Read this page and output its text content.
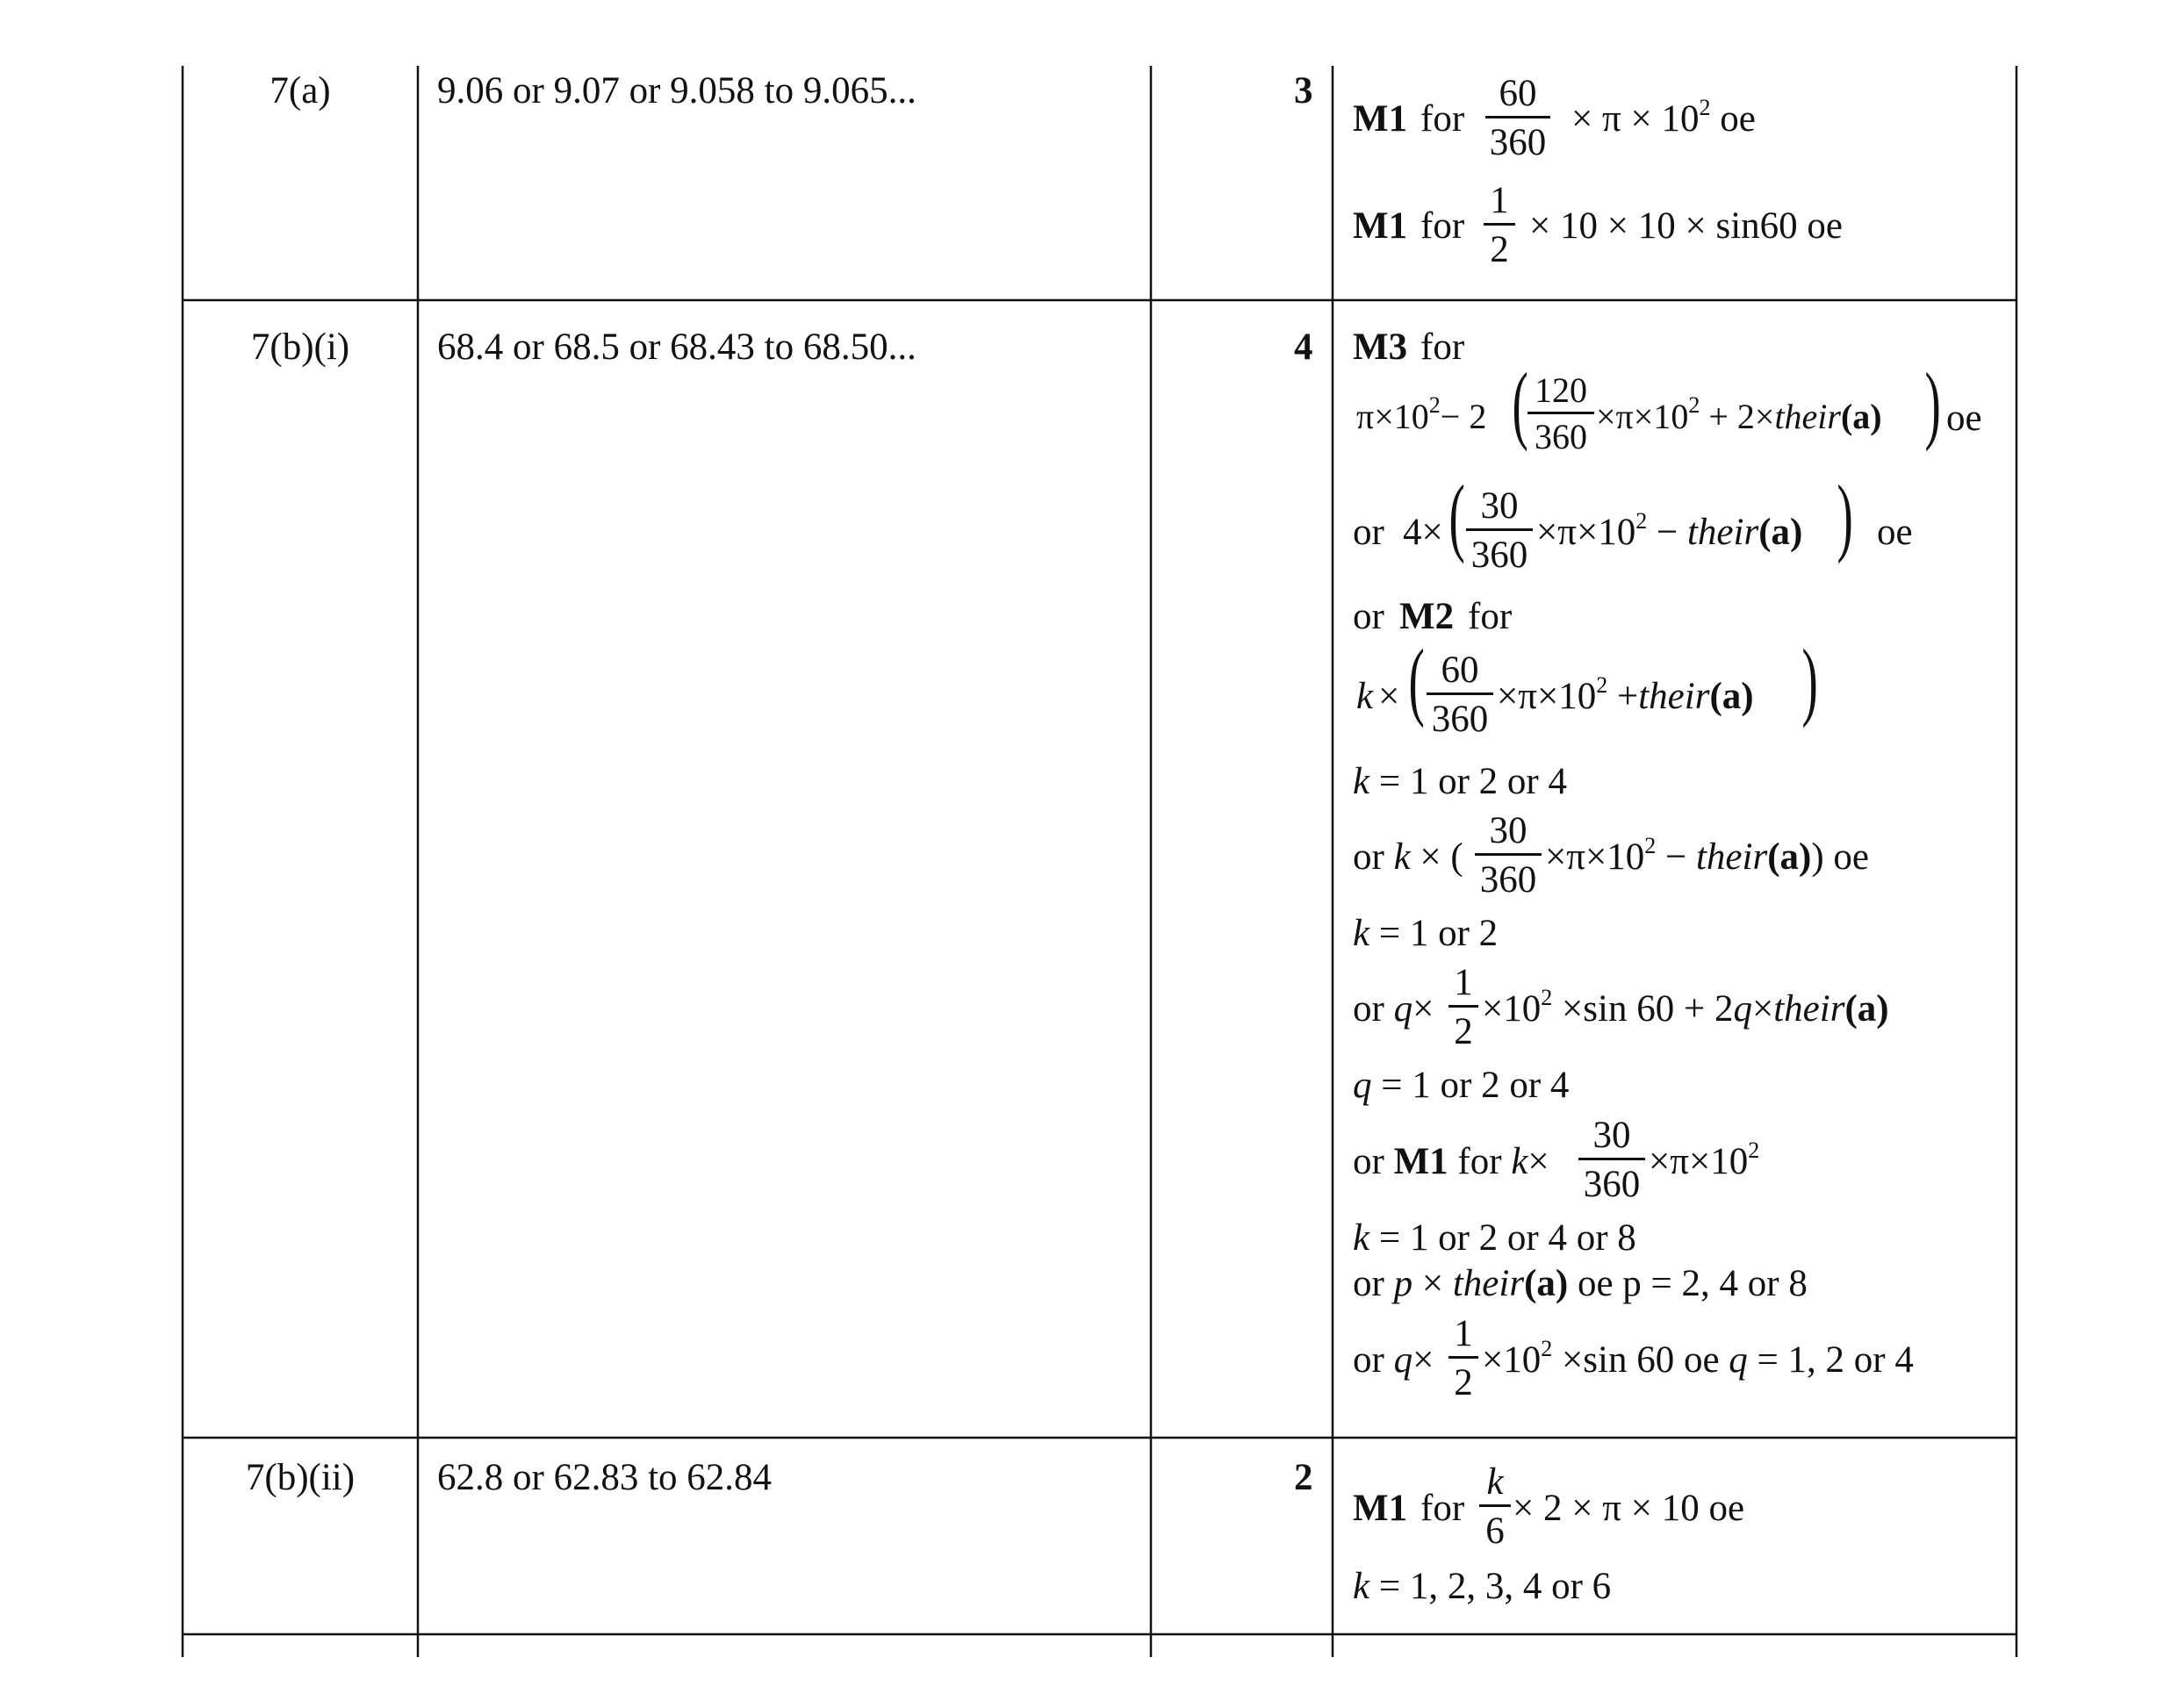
7(a)	9.06 or 9.07 or 9.058 to 9.065...	3
M1 for $\frac{60}{360} \times \pi \times 10^2$ oe
M1 for $\frac{1}{2} \times 10 \times 10 \times \sin 60$ oe
7(b)(i)	68.4 or 68.5 or 68.43 to 68.50...	4 M3 for
$\pi\times 10^2- 2$ ( $\frac{120}{360} \times\pi\times 10^2$ + 2×their(a) ) oe
or 4× ( $\frac{30}{360} \times\pi\times 10^2$ − their(a) ) oe
or M2 for
k × ( $\frac{60}{360} \times\pi\times 10^2$ +their(a) )
k = 1 or 2 or 4
or k × ( $\frac{30}{360} \times\pi\times 10^2$ − their(a)) oe
k = 1 or 2
or $q\times \frac{1}{2} \times 10^2 \times\sin$ 60 + 2q×their(a)
q = 1 or 2 or 4
or M1 for $k\times \frac{30}{360} \times\pi\times 10^2$
k = 1 or 2 or 4 or 8
or p × their(a) oe p = 2, 4 or 8
or $q\times \frac{1}{2} \times 10^2 \times\sin$ 60 oe q = 1, 2 or 4
7(b)(ii)	62.8 or 62.83 to 62.84	2
M1 for $\frac{k}{6} \times 2 \times \pi \times 10$ oe
k = 1, 2, 3, 4 or 6
